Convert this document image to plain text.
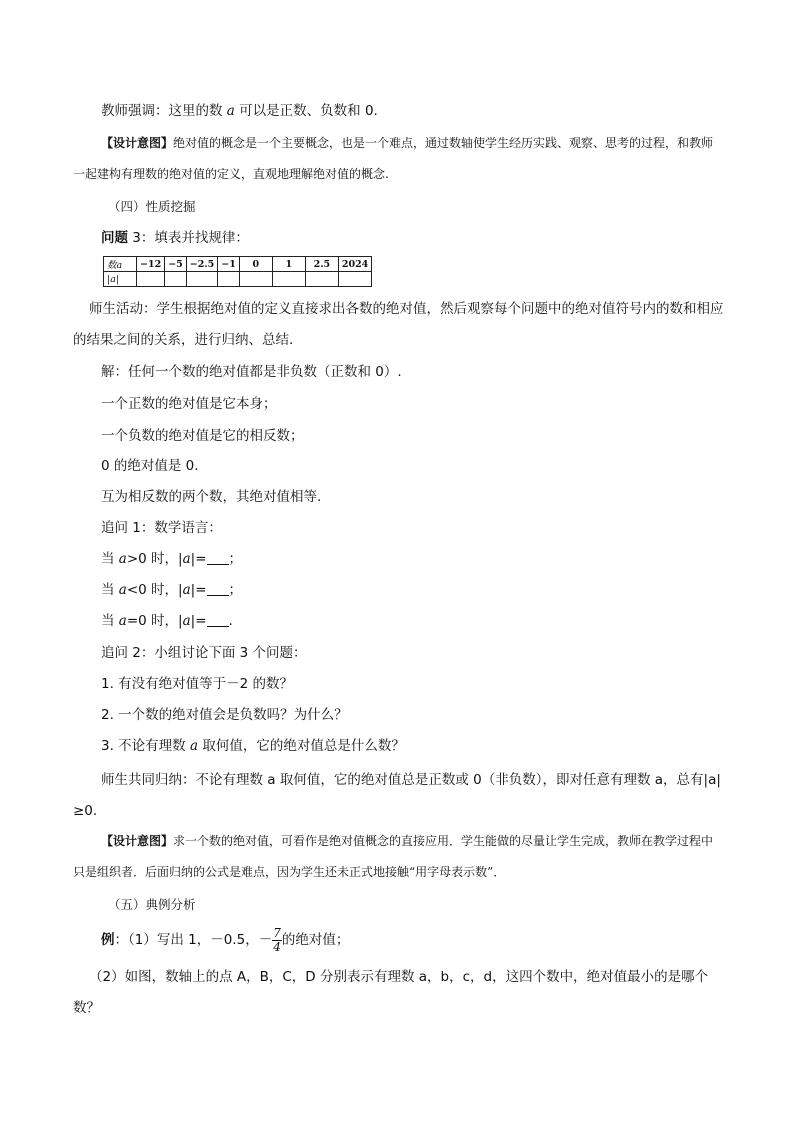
教师强调：这里的数 a 可以是正数、负数和 0.
【设计意图】绝对值的概念是一个主要概念，也是一个难点，通过数轴使学生经历实践、观察、思考的过程，和教师一起建构有理数的绝对值的定义，直观地理解绝对值的概念.
（四）性质挖掘
问题 3：填表并找规律：
数a	−12	−5	−2.5	−1	0	1	2.5	2024
|a|								
师生活动：学生根据绝对值的定义直接求出各数的绝对值，然后观察每个问题中的绝对值符号内的数和相应的结果之间的关系，进行归纳、总结.
解：任何一个数的绝对值都是非负数（正数和 0）.
一个正数的绝对值是它本身；
一个负数的绝对值是它的相反数；
0 的绝对值是 0.
互为相反数的两个数，其绝对值相等.
追问 1：数学语言：
当 a>0 时，|a|= ；
当 a<0 时，|a|= ；
当 a=0 时，|a|= .
追问 2：小组讨论下面 3 个问题：
1. 有没有绝对值等于－2 的数？
2. 一个数的绝对值会是负数吗？为什么？
3. 不论有理数 a 取何值，它的绝对值总是什么数？
师生共同归纳：不论有理数 a 取何值，它的绝对值总是正数或 0（非负数），即对任意有理数 a，总有|a|≥0.
【设计意图】求一个数的绝对值，可看作是绝对值概念的直接应用．学生能做的尽量让学生完成，教师在教学过程中只是组织者．后面归纳的公式是难点，因为学生还未正式地接触“用字母表示数”．
（五）典例分析
例：（1）写出 1，－0.5，－ $\frac{7}{4}$ 的绝对值；
（2）如图，数轴上的点 A，B，C，D 分别表示有理数 a，b，c，d，这四个数中，绝对值最小的是哪个数？
